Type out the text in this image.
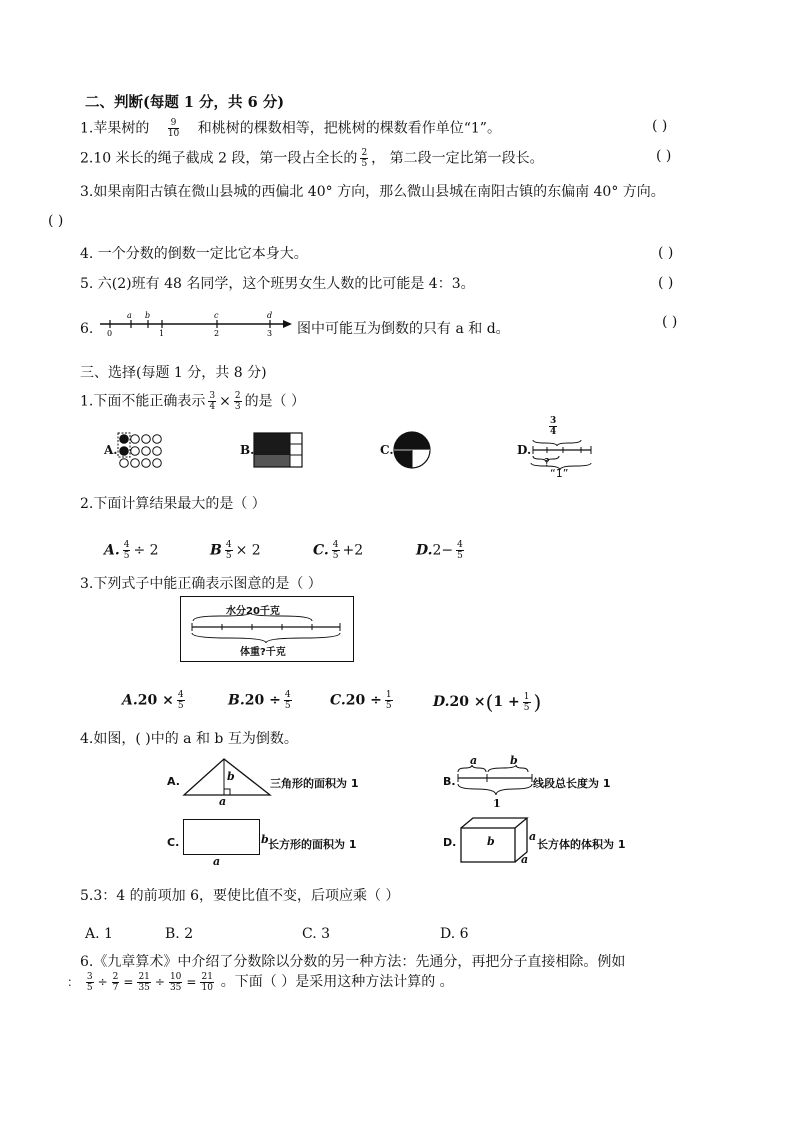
二、判断(每题 1 分，共 6 分)
1.苹果树的 $\frac{9}{10}$ 和桃树的棵数相等，把桃树的棵数看作单位“1”。	( )
2.10 米长的绳子截成 2 段，第一段占全长的 $\frac{2}{5}$ ， 第二段一定比第一段长。	( )
3.如果南阳古镇在微山县城的西偏北 40° 方向，那么微山县城在南阳古镇的东偏南 40° 方向。
( )
4. 一个分数的倒数一定比它本身大。	( )
5. 六(2)班有 48 名同学，这个班男女生人数的比可能是 4：3。	( )
6. 0	1	2	3
a b	c	d
图中可能互为倒数的只有 a 和 d。	( )
三、选择(每题 1 分，共 8 分)
1.下面不能正确表示 $\frac{3}{4} \times \frac{2}{3}$ 的是（ ）
A.	B.	C.	D.
$\frac{3}{4}$
?
“1”
2.下面计算结果最大的是（ ）
A. $\frac{4}{5} \div 2$	B $\frac{4}{5} \times 2$	C. $\frac{4}{5} +2$	$D.2- \frac{4}{5}$
3.下列式子中能正确表示图意的是（ ）
水分20千克
体重?千克
$A.20 \times \frac{4}{5}$	$B.20 \div \frac{4}{5}$	$C.20 \div \frac{1}{5}$	$D.20 \times(1 + \frac{1}{5}$ )
4.如图，( )中的 a 和 b 互为倒数。
A.	b
a
三角形的面积为 1	B.
a	b
1
线段总长度为 1
C.
a
b 长方形的面积为 1	D.	b	a
a
长方体的体积为 1
5.3：4 的前项加 6，要使比值不变，后项应乘（ ）
A. 1	B. 2	C. 3	D. 6
6.《九章算术》中介绍了分数除以分数的另一种方法：先通分，再把分子直接相除。例如
： $\frac{3}{5} \div \frac{2}{7} = \frac{21}{35} \div \frac{10}{35} = \frac{21}{10}$ 。下面（ ）是采用这种方法计算的 。
